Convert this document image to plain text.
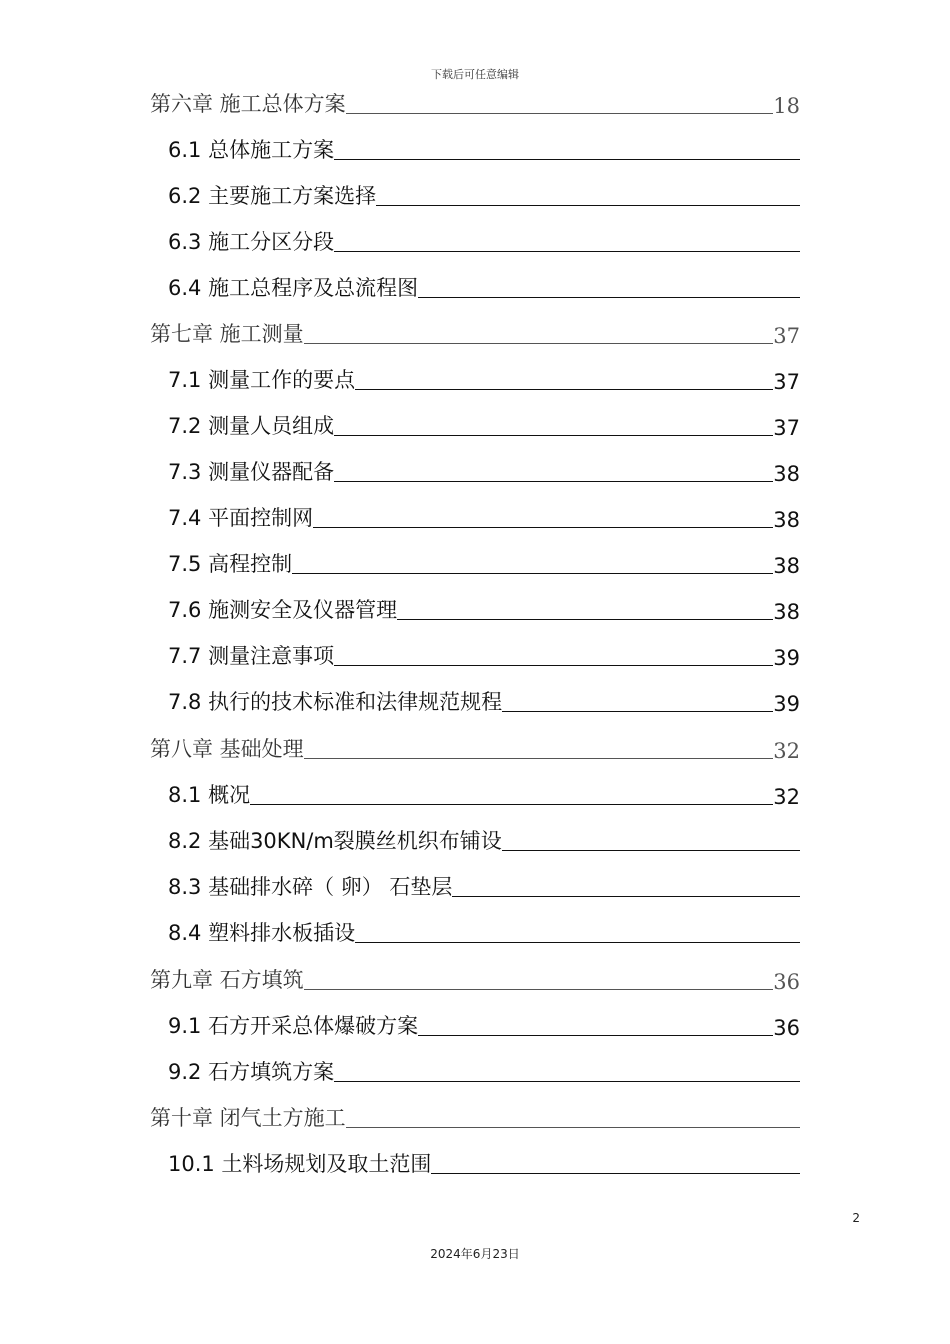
下载后可任意编辑
第六章 施工总体方案	18
6.1 总体施工方案
6.2 主要施工方案选择
6.3 施工分区分段
6.4 施工总程序及总流程图
第七章 施工测量	37
7.1 测量工作的要点	37
7.2 测量人员组成	37
7.3 测量仪器配备	38
7.4 平面控制网	38
7.5 高程控制	38
7.6 施测安全及仪器管理	38
7.7 测量注意事项	39
7.8 执行的技术标准和法律规范规程	39
第八章 基础处理	32
8.1 概况	32
8.2 基础30KN/m裂膜丝机织布铺设
8.3 基础排水碎（ 卵） 石垫层
8.4 塑料排水板插设
第九章 石方填筑	36
9.1 石方开采总体爆破方案	36
9.2 石方填筑方案
第十章 闭气土方施工
10.1 土料场规划及取土范围
2
2024年6月23日
